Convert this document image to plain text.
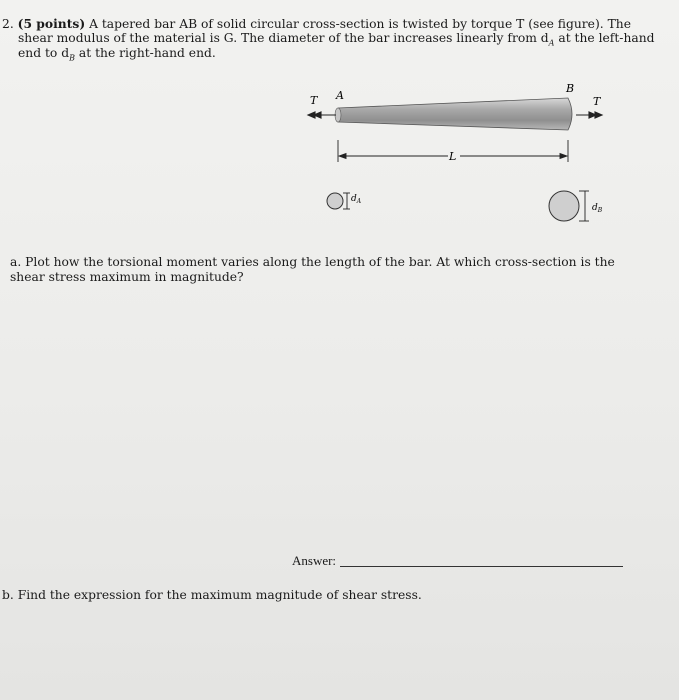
2. (5 points) A tapered bar AB of solid circular cross-section is twisted by torque T (see figure). The
shear modulus of the material is G. The diameter of the bar increases linearly from $d_A$ at the left-hand
end to $d_B$ at the right-hand end.
T A
B
T
L
$d_A$
$d_B$
a. Plot how the torsional moment varies along the length of the bar. At which cross-section is the
shear stress maximum in magnitude?
Answer:
b. Find the expression for the maximum magnitude of shear stress.
